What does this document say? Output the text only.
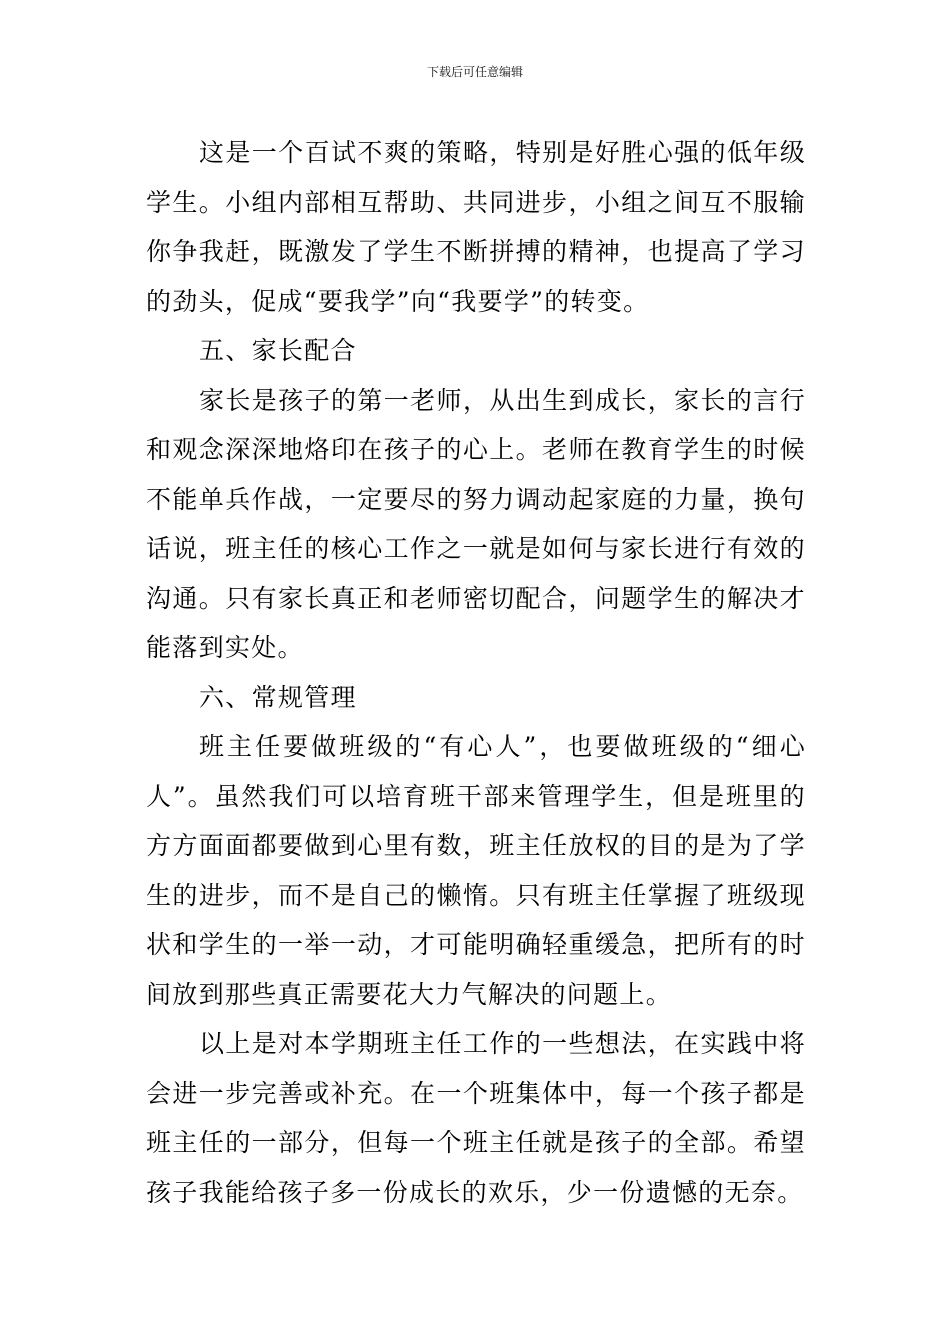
下载后可任意编辑

这是一个百试不爽的策略，特别是好胜心强的低年级学生。小组内部相互帮助、共同进步，小组之间互不服输你争我赶，既激发了学生不断拼搏的精神，也提高了学习的劲头，促成“要我学”向“我要学”的转变。

五、家长配合

家长是孩子的第一老师，从出生到成长，家长的言行和观念深深地烙印在孩子的心上。老师在教育学生的时候不能单兵作战，一定要尽的努力调动起家庭的力量，换句话说，班主任的核心工作之一就是如何与家长进行有效的沟通。只有家长真正和老师密切配合，问题学生的解决才能落到实处。

六、常规管理

班主任要做班级的“有心人”，也要做班级的“细心人”。虽然我们可以培育班干部来管理学生，但是班里的方方面面都要做到心里有数，班主任放权的目的是为了学生的进步，而不是自己的懒惰。只有班主任掌握了班级现状和学生的一举一动，才可能明确轻重缓急，把所有的时间放到那些真正需要花大力气解决的问题上。

以上是对本学期班主任工作的一些想法，在实践中将会进一步完善或补充。在一个班集体中，每一个孩子都是班主任的一部分，但每一个班主任就是孩子的全部。希望孩子我能给孩子多一份成长的欢乐，少一份遗憾的无奈。
